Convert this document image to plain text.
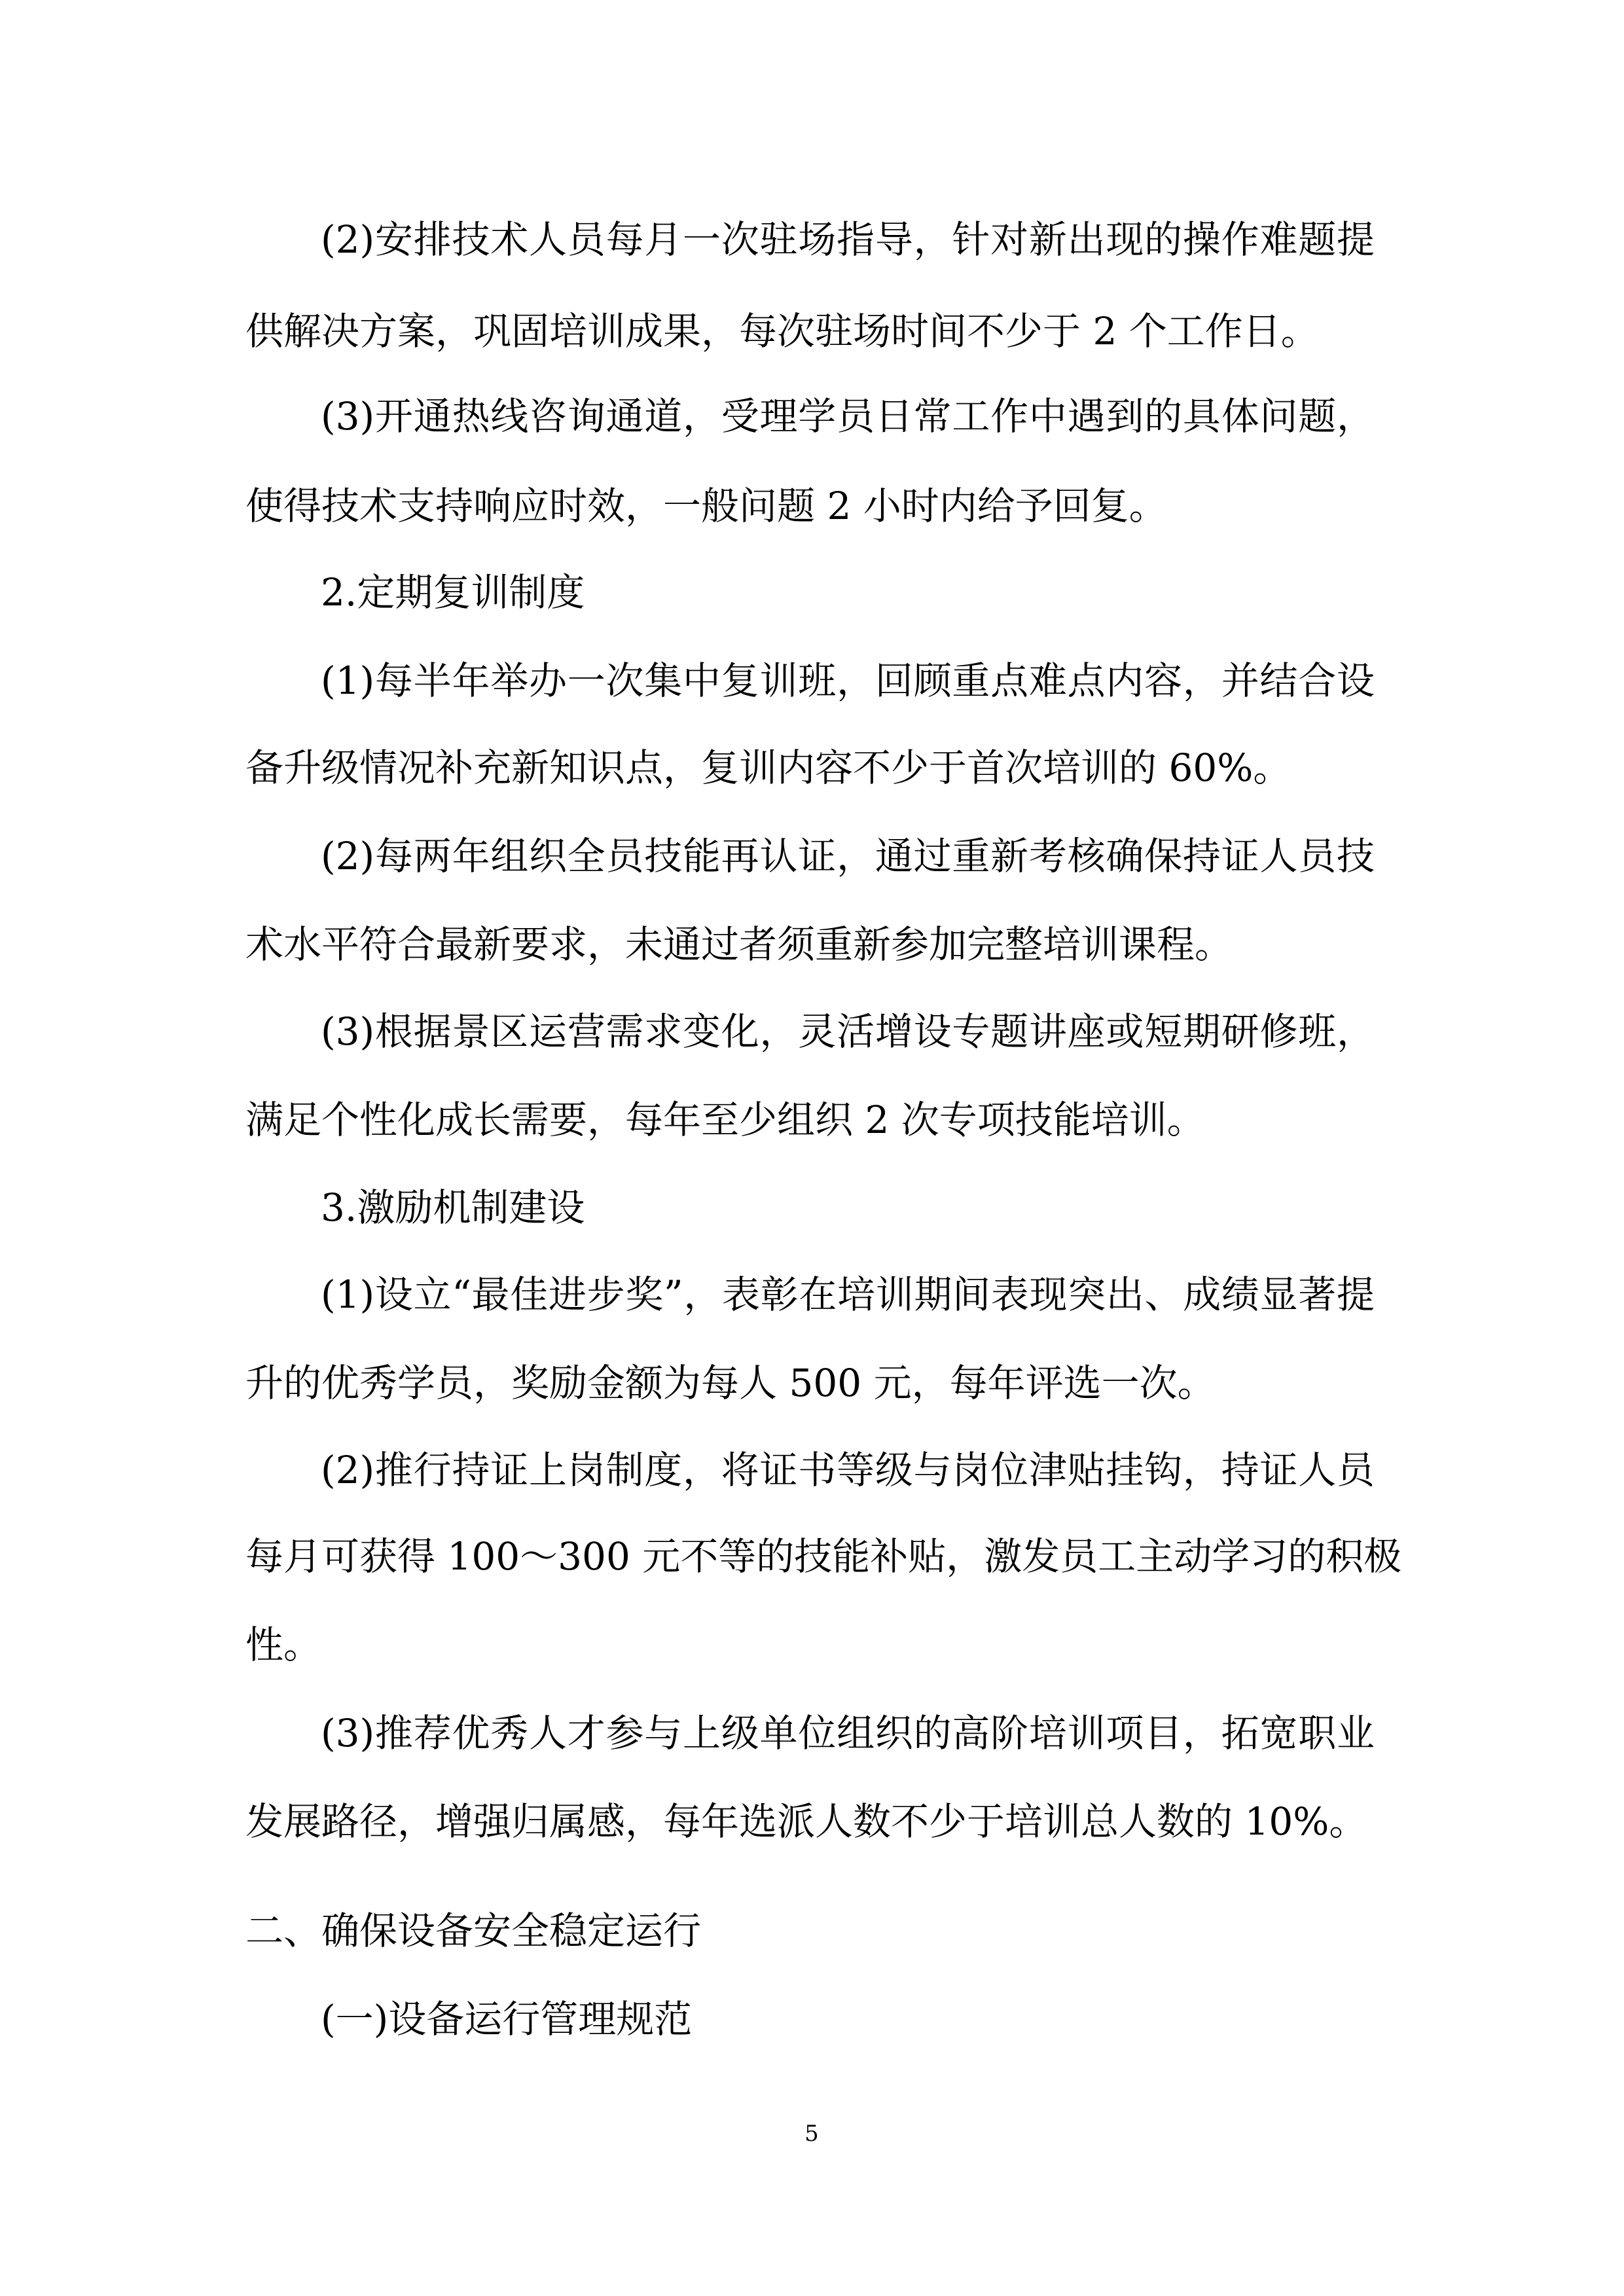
(2)安排技术人员每月一次驻场指导，针对新出现的操作难题提
供解决方案，巩固培训成果，每次驻场时间不少于 2 个工作日。
(3)开通热线咨询通道，受理学员日常工作中遇到的具体问题，
使得技术支持响应时效，一般问题 2 小时内给予回复。
2.定期复训制度
(1)每半年举办一次集中复训班，回顾重点难点内容，并结合设
备升级情况补充新知识点，复训内容不少于首次培训的 60%。
(2)每两年组织全员技能再认证，通过重新考核确保持证人员技
术水平符合最新要求，未通过者须重新参加完整培训课程。
(3)根据景区运营需求变化，灵活增设专题讲座或短期研修班，
满足个性化成长需要，每年至少组织 2 次专项技能培训。
3.激励机制建设
(1)设立“最佳进步奖”，表彰在培训期间表现突出、成绩显著提
升的优秀学员，奖励金额为每人 500 元，每年评选一次。
(2)推行持证上岗制度，将证书等级与岗位津贴挂钩，持证人员
每月可获得 100～300 元不等的技能补贴，激发员工主动学习的积极
性。
(3)推荐优秀人才参与上级单位组织的高阶培训项目，拓宽职业
发展路径，增强归属感，每年选派人数不少于培训总人数的 10%。
二、确保设备安全稳定运行
(一)设备运行管理规范
5
